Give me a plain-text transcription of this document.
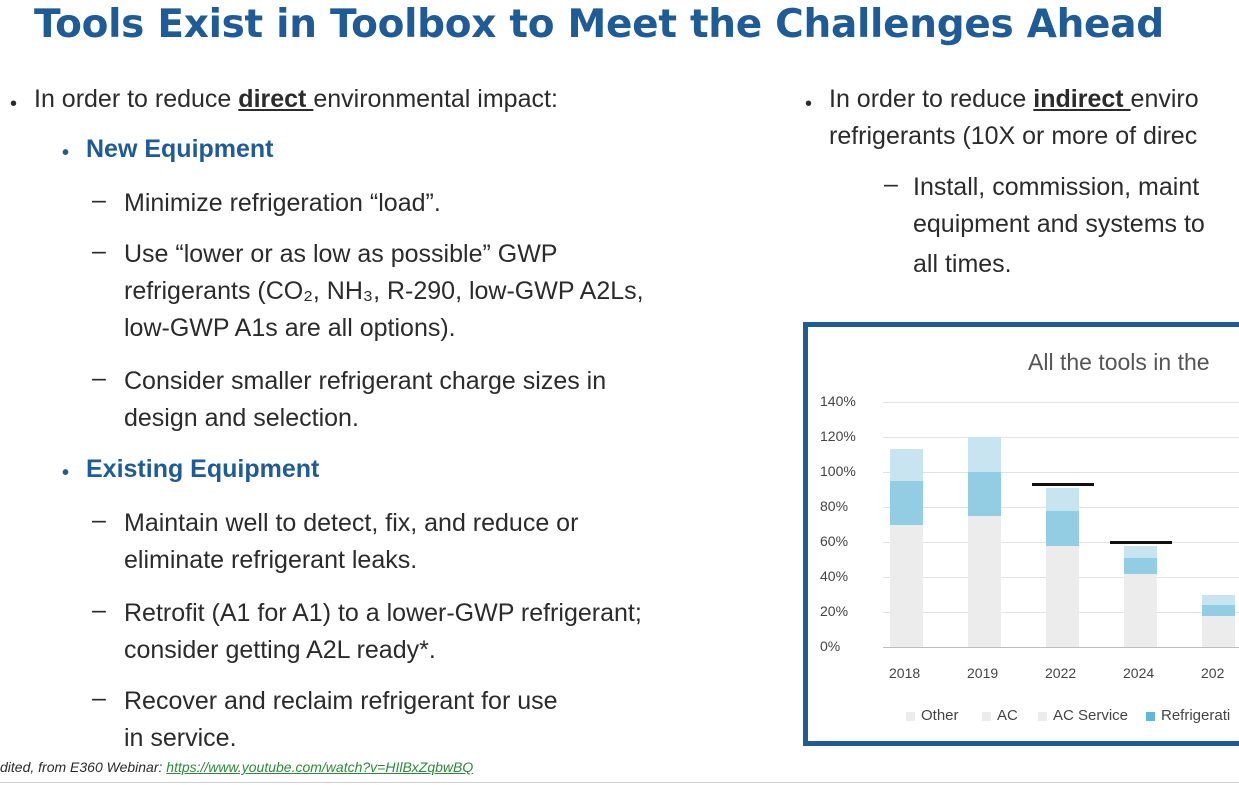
Tools Exist in Toolbox to Meet the Challenges Ahead
• In order to reduce direct environmental impact:
• New Equipment
– Minimize refrigeration “load”.
– Use “lower or as low as possible” GWP
refrigerants (CO₂, NH₃, R-290, low-GWP A2Ls,
low-GWP A1s are all options).
– Consider smaller refrigerant charge sizes in
design and selection.
• Existing Equipment
– Maintain well to detect, fix, and reduce or
eliminate refrigerant leaks.
– Retrofit (A1 for A1) to a lower-GWP refrigerant;
consider getting A2L ready*.
– Recover and reclaim refrigerant for use
in service.
• In order to reduce indirect enviro
refrigerants (10X or more of direc
– Install, commission, maint
equipment and systems to
all times.
All the tools in the
0%
20%
40%
60%
80%
100%
120%
140%
2018	2019	2022	2024	202
Other	AC	AC Service	Refrigerati
dited, from E360 Webinar: https://www.youtube.com/watch?v=HIlBxZqbwBQ
